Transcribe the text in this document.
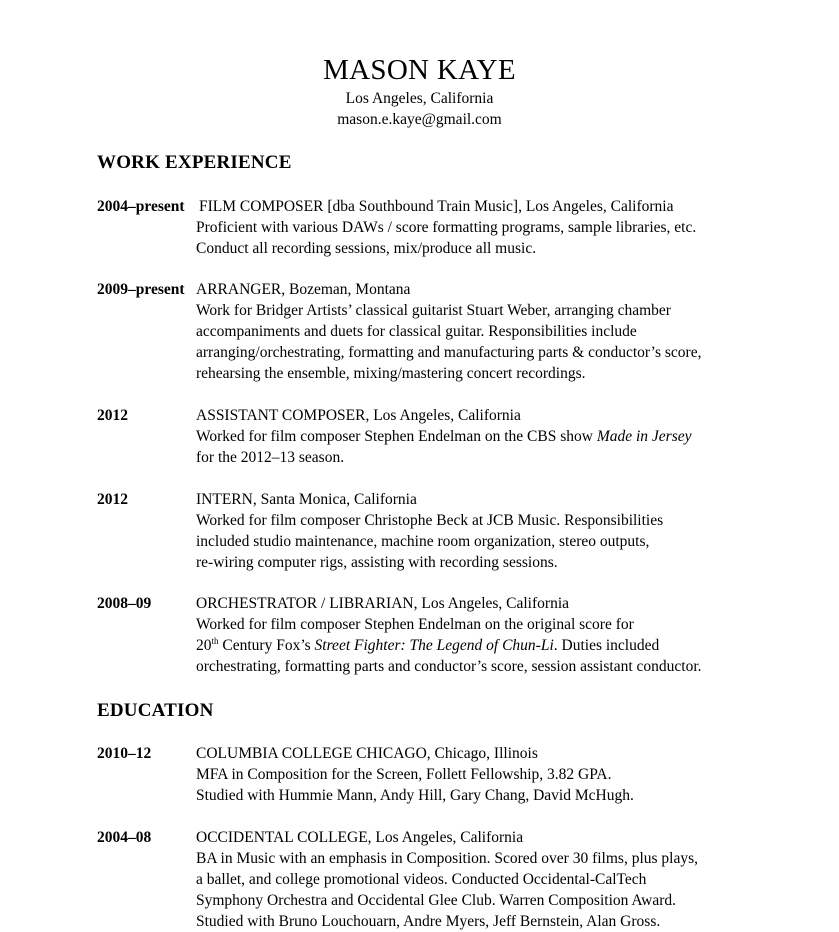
MASON KAYE
Los Angeles, California
mason.e.kaye@gmail.com
WORK EXPERIENCE
2004–present FILM COMPOSER [dba Southbound Train Music], Los Angeles, California
Proficient with various DAWs / score formatting programs, sample libraries, etc.
Conduct all recording sessions, mix/produce all music.
2009–present ARRANGER, Bozeman, Montana
Work for Bridger Artists’ classical guitarist Stuart Weber, arranging chamber
accompaniments and duets for classical guitar. Responsibilities include
arranging/orchestrating, formatting and manufacturing parts & conductor’s score,
rehearsing the ensemble, mixing/mastering concert recordings.
2012	ASSISTANT COMPOSER, Los Angeles, California
Worked for film composer Stephen Endelman on the CBS show Made in Jersey
for the 2012–13 season.
2012	INTERN, Santa Monica, California
Worked for film composer Christophe Beck at JCB Music. Responsibilities
included studio maintenance, machine room organization, stereo outputs,
re-wiring computer rigs, assisting with recording sessions.
2008–09	ORCHESTRATOR / LIBRARIAN, Los Angeles, California
Worked for film composer Stephen Endelman on the original score for
20th Century Fox’s Street Fighter: The Legend of Chun-Li. Duties included
orchestrating, formatting parts and conductor’s score, session assistant conductor.
EDUCATION
2010–12	COLUMBIA COLLEGE CHICAGO, Chicago, Illinois
MFA in Composition for the Screen, Follett Fellowship, 3.82 GPA.
Studied with Hummie Mann, Andy Hill, Gary Chang, David McHugh.
2004–08	OCCIDENTAL COLLEGE, Los Angeles, California
BA in Music with an emphasis in Composition. Scored over 30 films, plus plays,
a ballet, and college promotional videos. Conducted Occidental-CalTech
Symphony Orchestra and Occidental Glee Club. Warren Composition Award.
Studied with Bruno Louchouarn, Andre Myers, Jeff Bernstein, Alan Gross.
